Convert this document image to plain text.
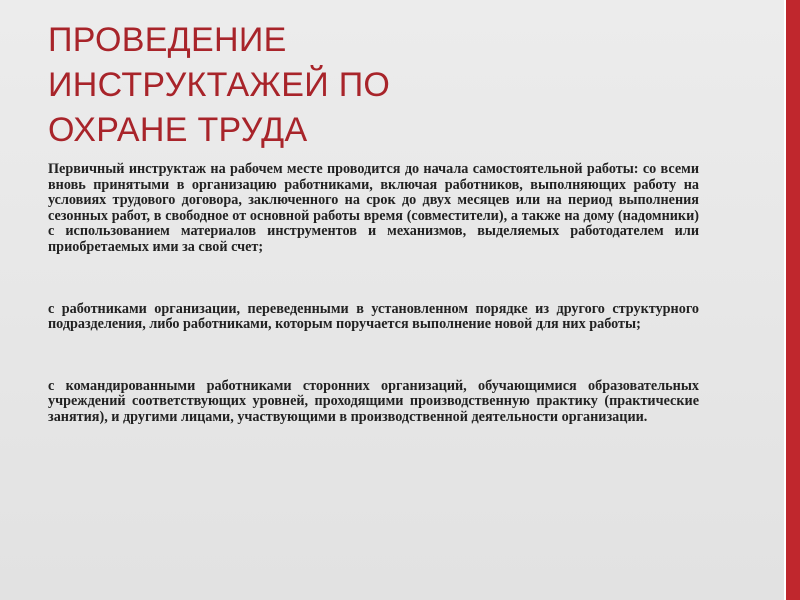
ПРОВЕДЕНИЕ
ИНСТРУКТАЖЕЙ ПО
ОХРАНЕ ТРУДА

Первичный инструктаж на рабочем месте проводится до начала самостоятельной работы: со всеми вновь принятыми в организацию работниками, включая работников, выполняющих работу на условиях трудового договора, заключенного на срок до двух месяцев или на период выполнения сезонных работ, в свободное от основной работы время (совместители), а также на дому (надомники) с использованием материалов инструментов и механизмов, выделяемых работодателем или приобретаемых ими за свой счет;

с работниками организации, переведенными в установленном порядке из другого структурного подразделения, либо работниками, которым поручается выполнение новой для них работы;

с командированными работниками сторонних организаций, обучающимися образовательных учреждений соответствующих уровней, проходящими производственную практику (практические занятия), и другими лицами, участвующими в производственной деятельности организации.
